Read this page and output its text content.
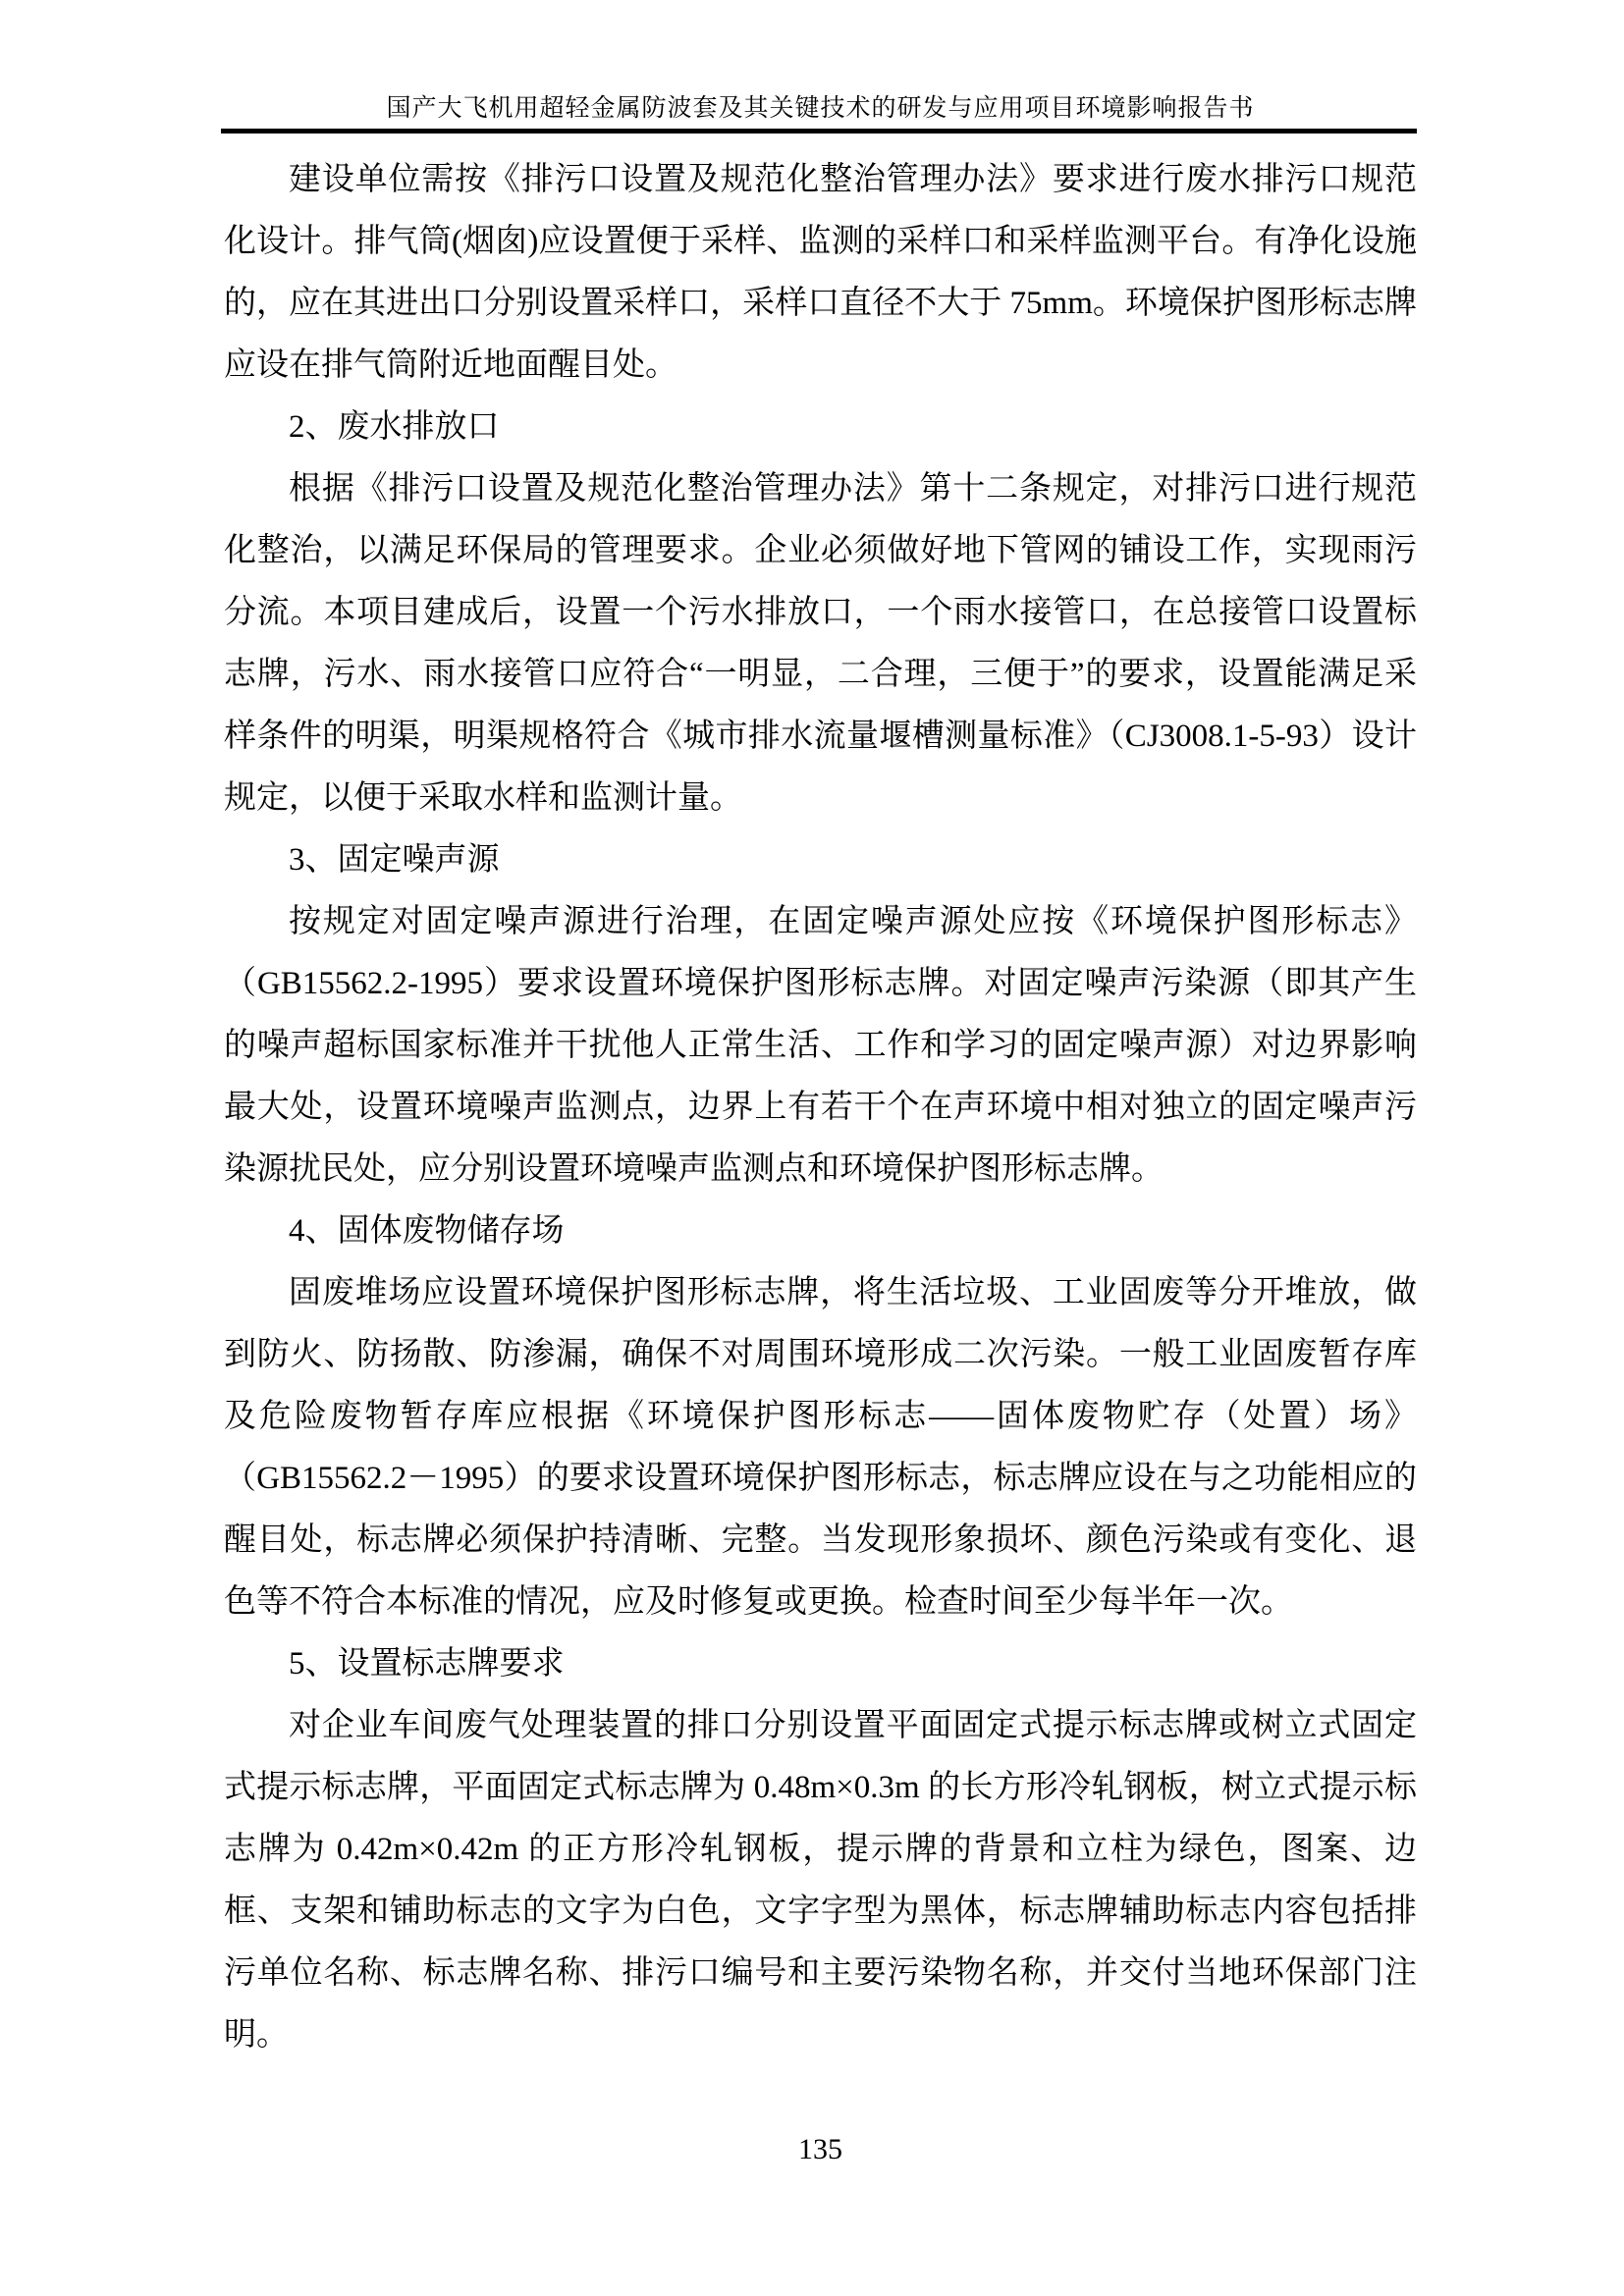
国产大飞机用超轻金属防波套及其关键技术的研发与应用项目环境影响报告书

建设单位需按《排污口设置及规范化整治管理办法》要求进行废水排污口规范化设计。排气筒(烟囱)应设置便于采样、监测的采样口和采样监测平台。有净化设施的，应在其进出口分别设置采样口，采样口直径不大于 75mm。环境保护图形标志牌应设在排气筒附近地面醒目处。

2、废水排放口

根据《排污口设置及规范化整治管理办法》第十二条规定，对排污口进行规范化整治，以满足环保局的管理要求。企业必须做好地下管网的铺设工作，实现雨污分流。本项目建成后，设置一个污水排放口，一个雨水接管口，在总接管口设置标志牌，污水、雨水接管口应符合“一明显，二合理，三便于”的要求，设置能满足采样条件的明渠，明渠规格符合《城市排水流量堰槽测量标准》（CJ3008.1-5-93）设计规定，以便于采取水样和监测计量。

3、固定噪声源

按规定对固定噪声源进行治理，在固定噪声源处应按《环境保护图形标志》（GB15562.2-1995）要求设置环境保护图形标志牌。对固定噪声污染源（即其产生的噪声超标国家标准并干扰他人正常生活、工作和学习的固定噪声源）对边界影响最大处，设置环境噪声监测点，边界上有若干个在声环境中相对独立的固定噪声污染源扰民处，应分别设置环境噪声监测点和环境保护图形标志牌。

4、固体废物储存场

固废堆场应设置环境保护图形标志牌，将生活垃圾、工业固废等分开堆放，做到防火、防扬散、防渗漏，确保不对周围环境形成二次污染。一般工业固废暂存库及危险废物暂存库应根据《环境保护图形标志——固体废物贮存（处置）场》（GB15562.2－1995）的要求设置环境保护图形标志，标志牌应设在与之功能相应的醒目处，标志牌必须保护持清晰、完整。当发现形象损坏、颜色污染或有变化、退色等不符合本标准的情况，应及时修复或更换。检查时间至少每半年一次。

5、设置标志牌要求

对企业车间废气处理装置的排口分别设置平面固定式提示标志牌或树立式固定式提示标志牌，平面固定式标志牌为 0.48m×0.3m 的长方形冷轧钢板，树立式提示标志牌为 0.42m×0.42m 的正方形冷轧钢板，提示牌的背景和立柱为绿色，图案、边框、支架和铺助标志的文字为白色，文字字型为黑体，标志牌辅助标志内容包括排污单位名称、标志牌名称、排污口编号和主要污染物名称，并交付当地环保部门注明。

135
